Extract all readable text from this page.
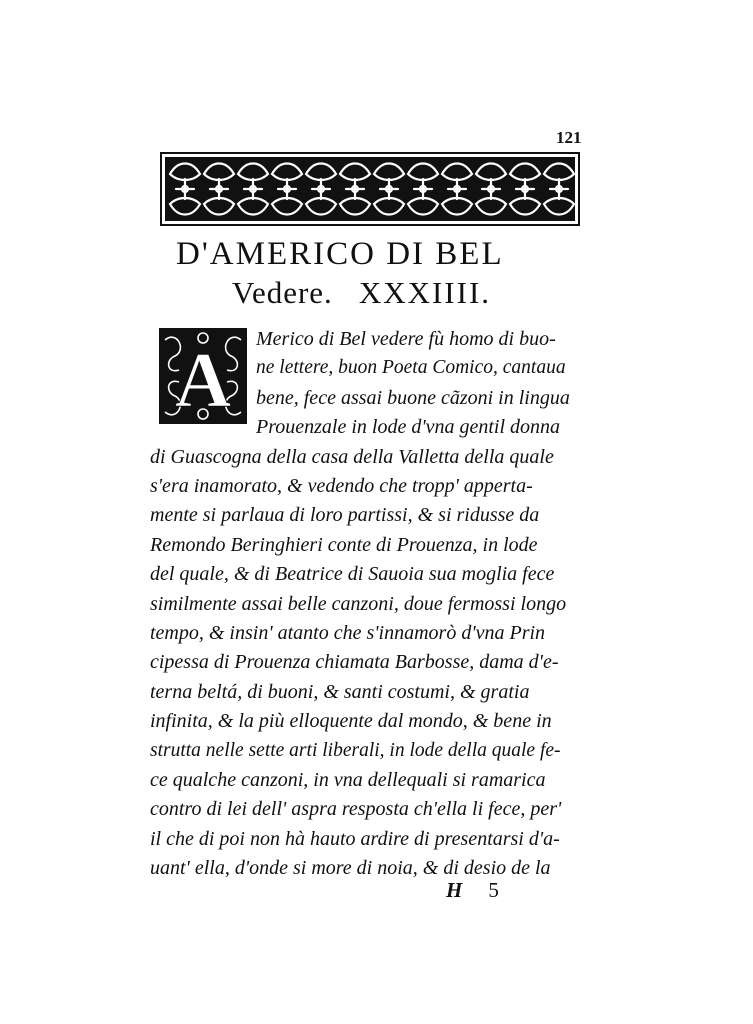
121
D'AMERICO DI BEL
Vedere. XXXIIII.
A Merico di Bel vedere fù homo di buo-
ne lettere, buon Poeta Comico, cantaua
bene, fece assai buone cãzoni in lingua
Prouenzale in lode d'vna gentil donna
di Guascogna della casa della Valletta della quale
s'era inamorato, & vedendo che tropp' apperta-
mente si parlaua di loro partissi, & si ridusse da
Remondo Beringhieri conte di Prouenza, in lode
del quale, & di Beatrice di Sauoia sua moglia fece
similmente assai belle canzoni, doue fermossi longo
tempo, & insin' atanto che s'innamorò d'vna Prin
cipessa di Prouenza chiamata Barbosse, dama d'e-
terna beltá, di buoni, & santi costumi, & gratia
infinita, & la più elloquente dal mondo, & bene in
strutta nelle sette arti liberali, in lode della quale fe-
ce qualche canzoni, in vna dellequali si ramarica
contro di lei dell' aspra resposta ch'ella li fece, per'
il che di poi non hà hauto ardire di presentarsi d'a-
uant' ella, d'onde si more di noia, & di desio de la
H 5
